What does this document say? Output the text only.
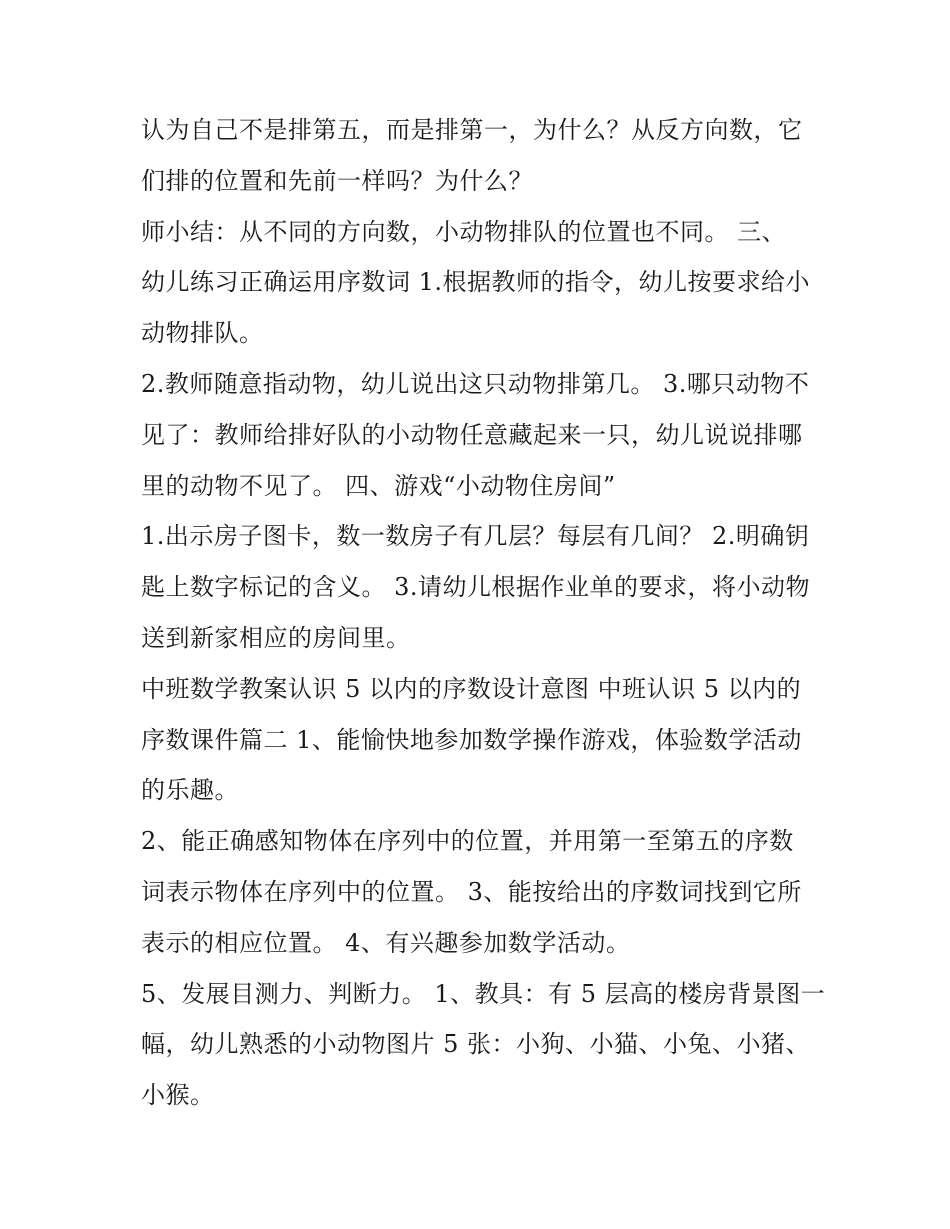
认为自己不是排第五，而是排第一，为什么？从反方向数，它
们排的位置和先前一样吗？为什么？
师小结：从不同的方向数，小动物排队的位置也不同。 三、
幼儿练习正确运用序数词 1.根据教师的指令，幼儿按要求给小
动物排队。
2.教师随意指动物，幼儿说出这只动物排第几。 3.哪只动物不
见了：教师给排好队的小动物任意藏起来一只，幼儿说说排哪
里的动物不见了。 四、游戏“小动物住房间”
1.出示房子图卡，数一数房子有几层？每层有几间？ 2.明确钥
匙上数字标记的含义。 3.请幼儿根据作业单的要求，将小动物
送到新家相应的房间里。
中班数学教案认识 5 以内的序数设计意图 中班认识 5 以内的
序数课件篇二 1、能愉快地参加数学操作游戏，体验数学活动
的乐趣。
2、能正确感知物体在序列中的位置，并用第一至第五的序数
词表示物体在序列中的位置。 3、能按给出的序数词找到它所
表示的相应位置。 4、有兴趣参加数学活动。
5、发展目测力、判断力。 1、教具：有 5 层高的楼房背景图一
幅，幼儿熟悉的小动物图片 5 张：小狗、小猫、小兔、小猪、
小猴。
